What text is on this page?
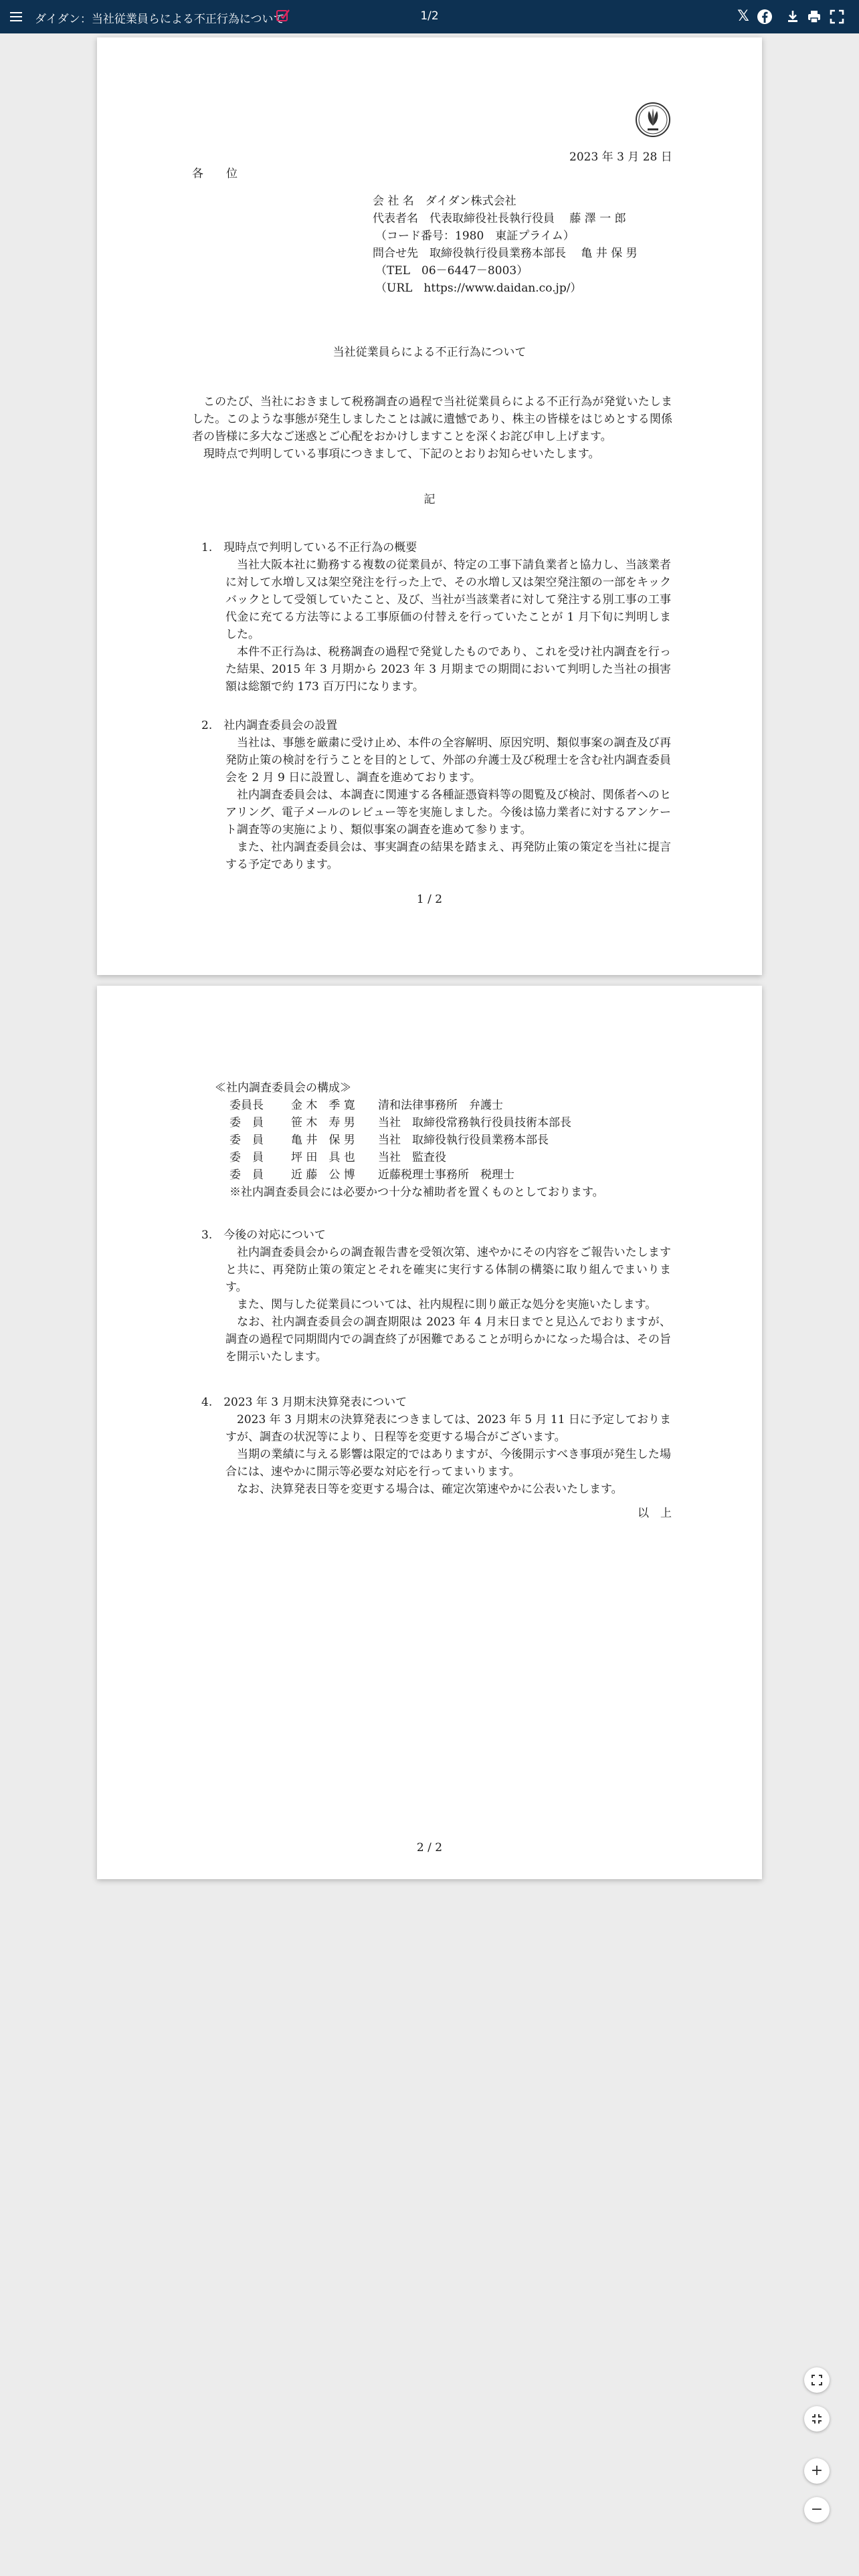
ダイダン：当社従業員らによる不正行為について	1/2	𝕏
2023 年 3 月 28 日
各　　位
会 社 名　ダイダン株式会社
代表者名　代表取締役社長執行役員　 藤 澤 一 郎
（コード番号：1980　東証プライム）
問合せ先　取締役執行役員業務本部長　 亀 井 保 男
（TEL　06－6447－8003）
（URL　https://www.daidan.co.jp/）
当社従業員らによる不正行為について
このたび、当社におきまして税務調査の過程で当社従業員らによる不正行為が発覚いたしました。このような事態が発生しましたことは誠に遺憾であり、株主の皆様をはじめとする関係者の皆様に多大なご迷惑とご心配をおかけしますことを深くお詫び申し上げます。
現時点で判明している事項につきまして、下記のとおりお知らせいたします。
記
1.　現時点で判明している不正行為の概要
当社大阪本社に勤務する複数の従業員が、特定の工事下請負業者と協力し、当該業者に対して水増し又は架空発注を行った上で、その水増し又は架空発注額の一部をキックバックとして受領していたこと、及び、当社が当該業者に対して発注する別工事の工事代金に充てる方法等による工事原価の付替えを行っていたことが 1 月下旬に判明しました。
本件不正行為は、税務調査の過程で発覚したものであり、これを受け社内調査を行った結果、2015 年 3 月期から 2023 年 3 月期までの期間において判明した当社の損害額は総額で約 173 百万円になります。
2.　社内調査委員会の設置
当社は、事態を厳粛に受け止め、本件の全容解明、原因究明、類似事案の調査及び再発防止策の検討を行うことを目的として、外部の弁護士及び税理士を含む社内調査委員会を 2 月 9 日に設置し、調査を進めております。
社内調査委員会は、本調査に関連する各種証憑資料等の閲覧及び検討、関係者へのヒアリング、電子メールのレビュー等を実施しました。今後は協力業者に対するアンケート調査等の実施により、類似事案の調査を進めて参ります。
また、社内調査委員会は、事実調査の結果を踏まえ、再発防止策の策定を当社に提言する予定であります。
1 / 2
≪社内調査委員会の構成≫
委員長 金 木　季 寛 清和法律事務所　弁護士
委　員 笹 木　寿 男 当社　取締役常務執行役員技術本部長
委　員 亀 井　保 男 当社　取締役執行役員業務本部長
委　員 坪 田　具 也 当社　監査役
委　員 近 藤　公 博 近藤税理士事務所　税理士
※社内調査委員会には必要かつ十分な補助者を置くものとしております。
3.　今後の対応について
社内調査委員会からの調査報告書を受領次第、速やかにその内容をご報告いたしますと共に、再発防止策の策定とそれを確実に実行する体制の構築に取り組んでまいります。
また、関与した従業員については、社内規程に則り厳正な処分を実施いたします。
なお、社内調査委員会の調査期限は 2023 年 4 月末日までと見込んでおりますが、調査の過程で同期間内での調査終了が困難であることが明らかになった場合は、その旨を開示いたします。
4.　2023 年 3 月期末決算発表について
2023 年 3 月期末の決算発表につきましては、2023 年 5 月 11 日に予定しておりますが、調査の状況等により、日程等を変更する場合がございます。
当期の業績に与える影響は限定的ではありますが、今後開示すべき事項が発生した場合には、速やかに開示等必要な対応を行ってまいります。
なお、決算発表日等を変更する場合は、確定次第速やかに公表いたします。
以　上
2 / 2
+
−
